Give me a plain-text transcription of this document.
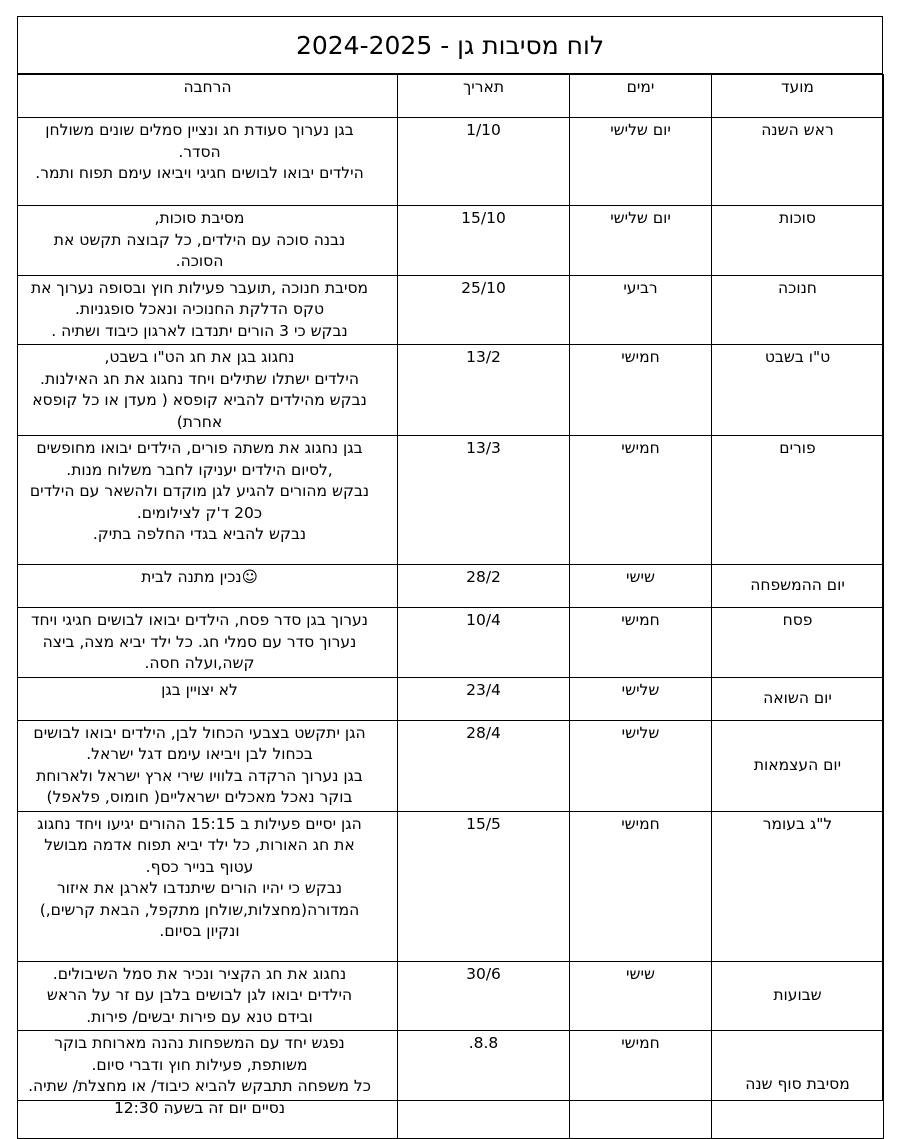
לוח מסיבות גן
-
2024-2025
מועד	ימים	תאריך	הרחבה
ראש השנה	יום שלישי	1/10	בגן נערוך סעודת חג ונציין סמלים שונים משולחן הסדר.
הילדים יבואו לבושים חגיגי ויביאו עימם תפוח ותמר.
סוכות	יום שלישי	15/10	מסיבת סוכות,
נבנה סוכה עם הילדים, כל קבוצה תקשט את הסוכה.
חנוכה	רביעי	25/10	מסיבת חנוכה ,תועבר פעילות חוץ ובסופה נערוך את טקס הדלקת החנוכיה ונאכל סופגניות.
נבקש כי 3 הורים יתנדבו לארגון כיבוד ושתיה .
ט"ו בשבט	חמישי	13/2	נחגוג בגן את חג הט"ו בשבט,
הילדים ישתלו שתילים ויחד נחגוג את חג האילנות.
נבקש מהילדים להביא קופסא ( מעדן או כל קופסא אחרת)
פורים	חמישי	13/3	בגן נחגוג את משתה פורים, הילדים יבואו מחופשים ,לסיום הילדים יעניקו לחבר משלוח מנות.
נבקש מהורים להגיע לגן מוקדם ולהשאר עם הילדים כ20 ד'ק לצילומים.
נבקש להביא בגדי החלפה בתיק.
יום ההמשפחה	שישי	28/2	☺נכין מתנה לבית
פסח	חמישי	10/4	נערוך בגן סדר פסח, הילדים יבואו לבושים חגיגי ויחד נערוך סדר עם סמלי חג. כל ילד יביא מצה, ביצה קשה,ועלה חסה.
יום השואה	שלישי	23/4	לא יצויין בגן
יום העצמאות	שלישי	28/4	הגן יתקשט בצבעי הכחול לבן, הילדים יבואו לבושים בכחול לבן ויביאו עימם דגל ישראל.
בגן נערוך הרקדה בלוויו שירי ארץ ישראל ולארוחת בוקר נאכל מאכלים ישראליים( חומוס, פלאפל)
ל"ג בעומר	חמישי	15/5	הגן יסיים פעילות ב 15:15 ההורים יגיעו ויחד נחגוג את חג האורות, כל ילד יביא תפוח אדמה מבושל עטוף בנייר כסף.
נבקש כי יהיו הורים שיתנדבו לארגן את איזור המדורה(מחצלות,שולחן מתקפל, הבאת קרשים,) ונקיון בסיום.
שבועות	שישי	30/6	נחגוג את חג הקציר ונכיר את סמל השיבולים.
הילדים יבואו לגן לבושים בלבן עם זר על הראש ובידם טנא עם פירות יבשים/ פירות.
מסיבת סוף שנה	חמישי	8.8.	נפגש יחד עם המשפחות נהנה מארוחת בוקר משותפת, פעילות חוץ ודברי סיום.
כל משפחה תתבקש להביא כיבוד/ או מחצלת/ שתיה.
נסיים יום זה בשעה 12:30
